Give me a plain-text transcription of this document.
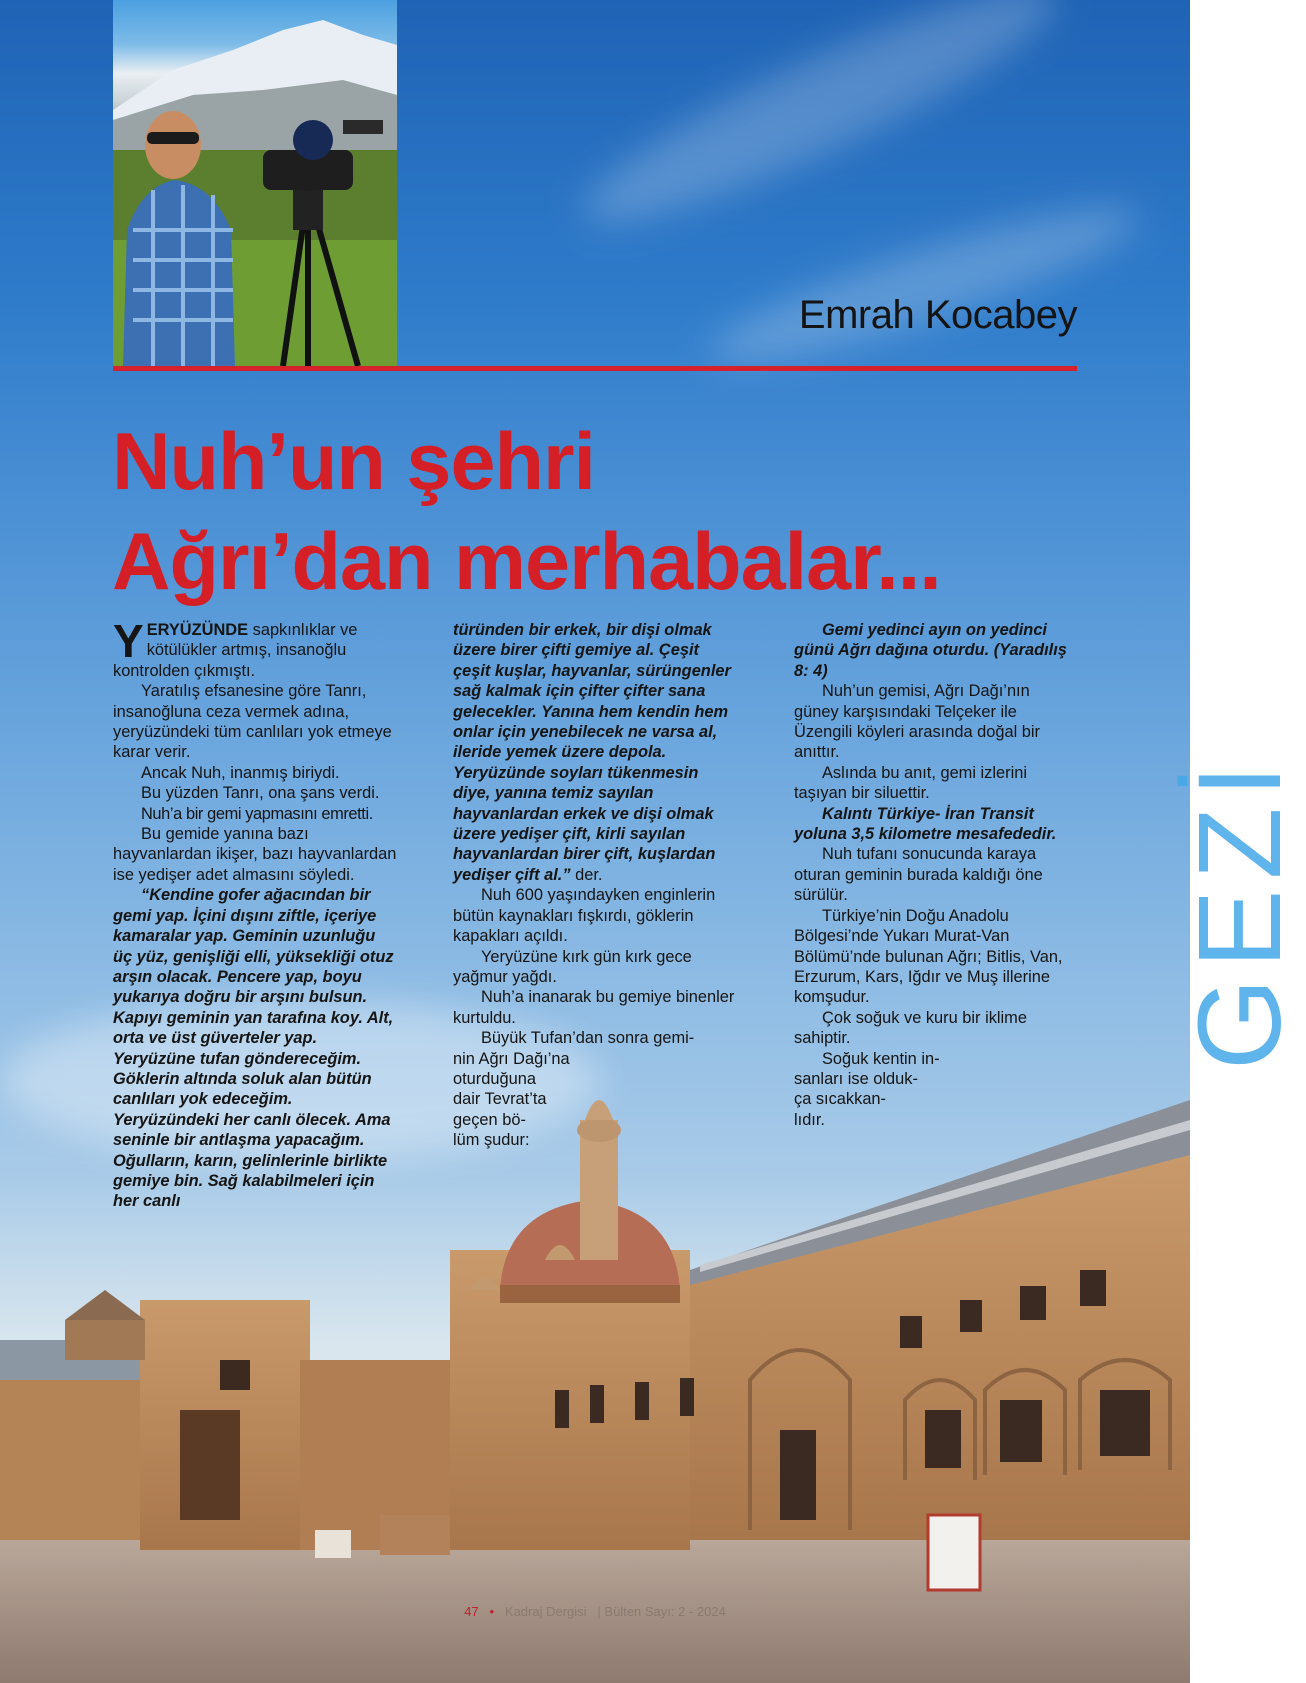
Emrah Kocabey
Nuh’un şehri
Ağrı’dan merhabalar...

YERYÜZÜNDE sapkınlıklar ve kötülükler artmış, insanoğlu kontrolden çıkmıştı.

Yaratılış efsanesine göre Tanrı, insanoğluna ceza vermek adına, yeryüzündeki tüm canlıları yok etmeye karar verir.

Ancak Nuh, inanmış biriydi.

Bu yüzden Tanrı, ona şans verdi.

Nuh’a bir gemi yapmasını emretti.

Bu gemide yanına bazı hayvanlardan ikişer, bazı hayvanlardan ise yedişer adet almasını söyledi.

“Kendine gofer ağacından bir gemi yap. İçini dışını ziftle, içeriye kamaralar yap. Geminin uzunluğu üç yüz, genişliği elli, yüksekliği otuz arşın olacak. Pencere yap, boyu yukarıya doğru bir arşını bulsun. Kapıyı geminin yan tarafına koy. Alt, orta ve üst güverteler yap. Yeryüzüne tufan göndereceğim. Göklerin altında soluk alan bütün canlıları yok edeceğim. Yeryüzündeki her canlı ölecek. Ama seninle bir antlaşma yapacağım. Oğulların, karın, gelinlerinle birlikte gemiye bin. Sağ kalabilmeleri için her canlı

türünden bir erkek, bir dişi olmak üzere birer çifti gemiye al. Çeşit çeşit kuşlar, hayvanlar, sürüngenler sağ kalmak için çifter çifter sana gelecekler. Yanına hem kendin hem onlar için yenebilecek ne varsa al, ileride yemek üzere depola. Yeryüzünde soyları tükenmesin diye, yanına temiz sayılan hayvanlardan erkek ve dişi olmak üzere yedişer çift, kirli sayılan hayvanlardan birer çift, kuşlardan yedişer çift al.” der.

Nuh 600 yaşındayken enginlerin bütün kaynakları fışkırdı, göklerin kapakları açıldı.

Yeryüzüne kırk gün kırk gece yağmur yağdı.

Nuh’a inanarak bu gemiye binenler kurtuldu.

Büyük Tufan’dan sonra gemi-

nin Ağrı Dağı’na

oturduğuna

dair Tevrat’ta

geçen bö-

lüm şudur:

Gemi yedinci ayın on yedinci günü Ağrı dağına oturdu. (Yaradılış 8: 4)

Nuh’un gemisi, Ağrı Dağı’nın güney karşısındaki Telçeker ile Üzengili köyleri arasında doğal bir anıttır.

Aslında bu anıt, gemi izlerini taşıyan bir siluettir.

Kalıntı Türkiye- İran Transit yoluna 3,5 kilometre mesafededir.

Nuh tufanı sonucunda karaya oturan geminin burada kaldığı öne sürülür.

Türkiye’nin Doğu Anadolu Bölgesi’nde Yukarı Murat-Van Bölümü’nde bulunan Ağrı; Bitlis, Van, Erzurum, Kars, Iğdır ve Muş illerine komşudur.

Çok soğuk ve kuru bir iklime sahiptir.

Soğuk kentin in-

sanları ise olduk-

ça sıcakkan-

lıdır.

GEZİ
47 • Kadraj Dergisi | Bülten Sayı: 2 - 2024
